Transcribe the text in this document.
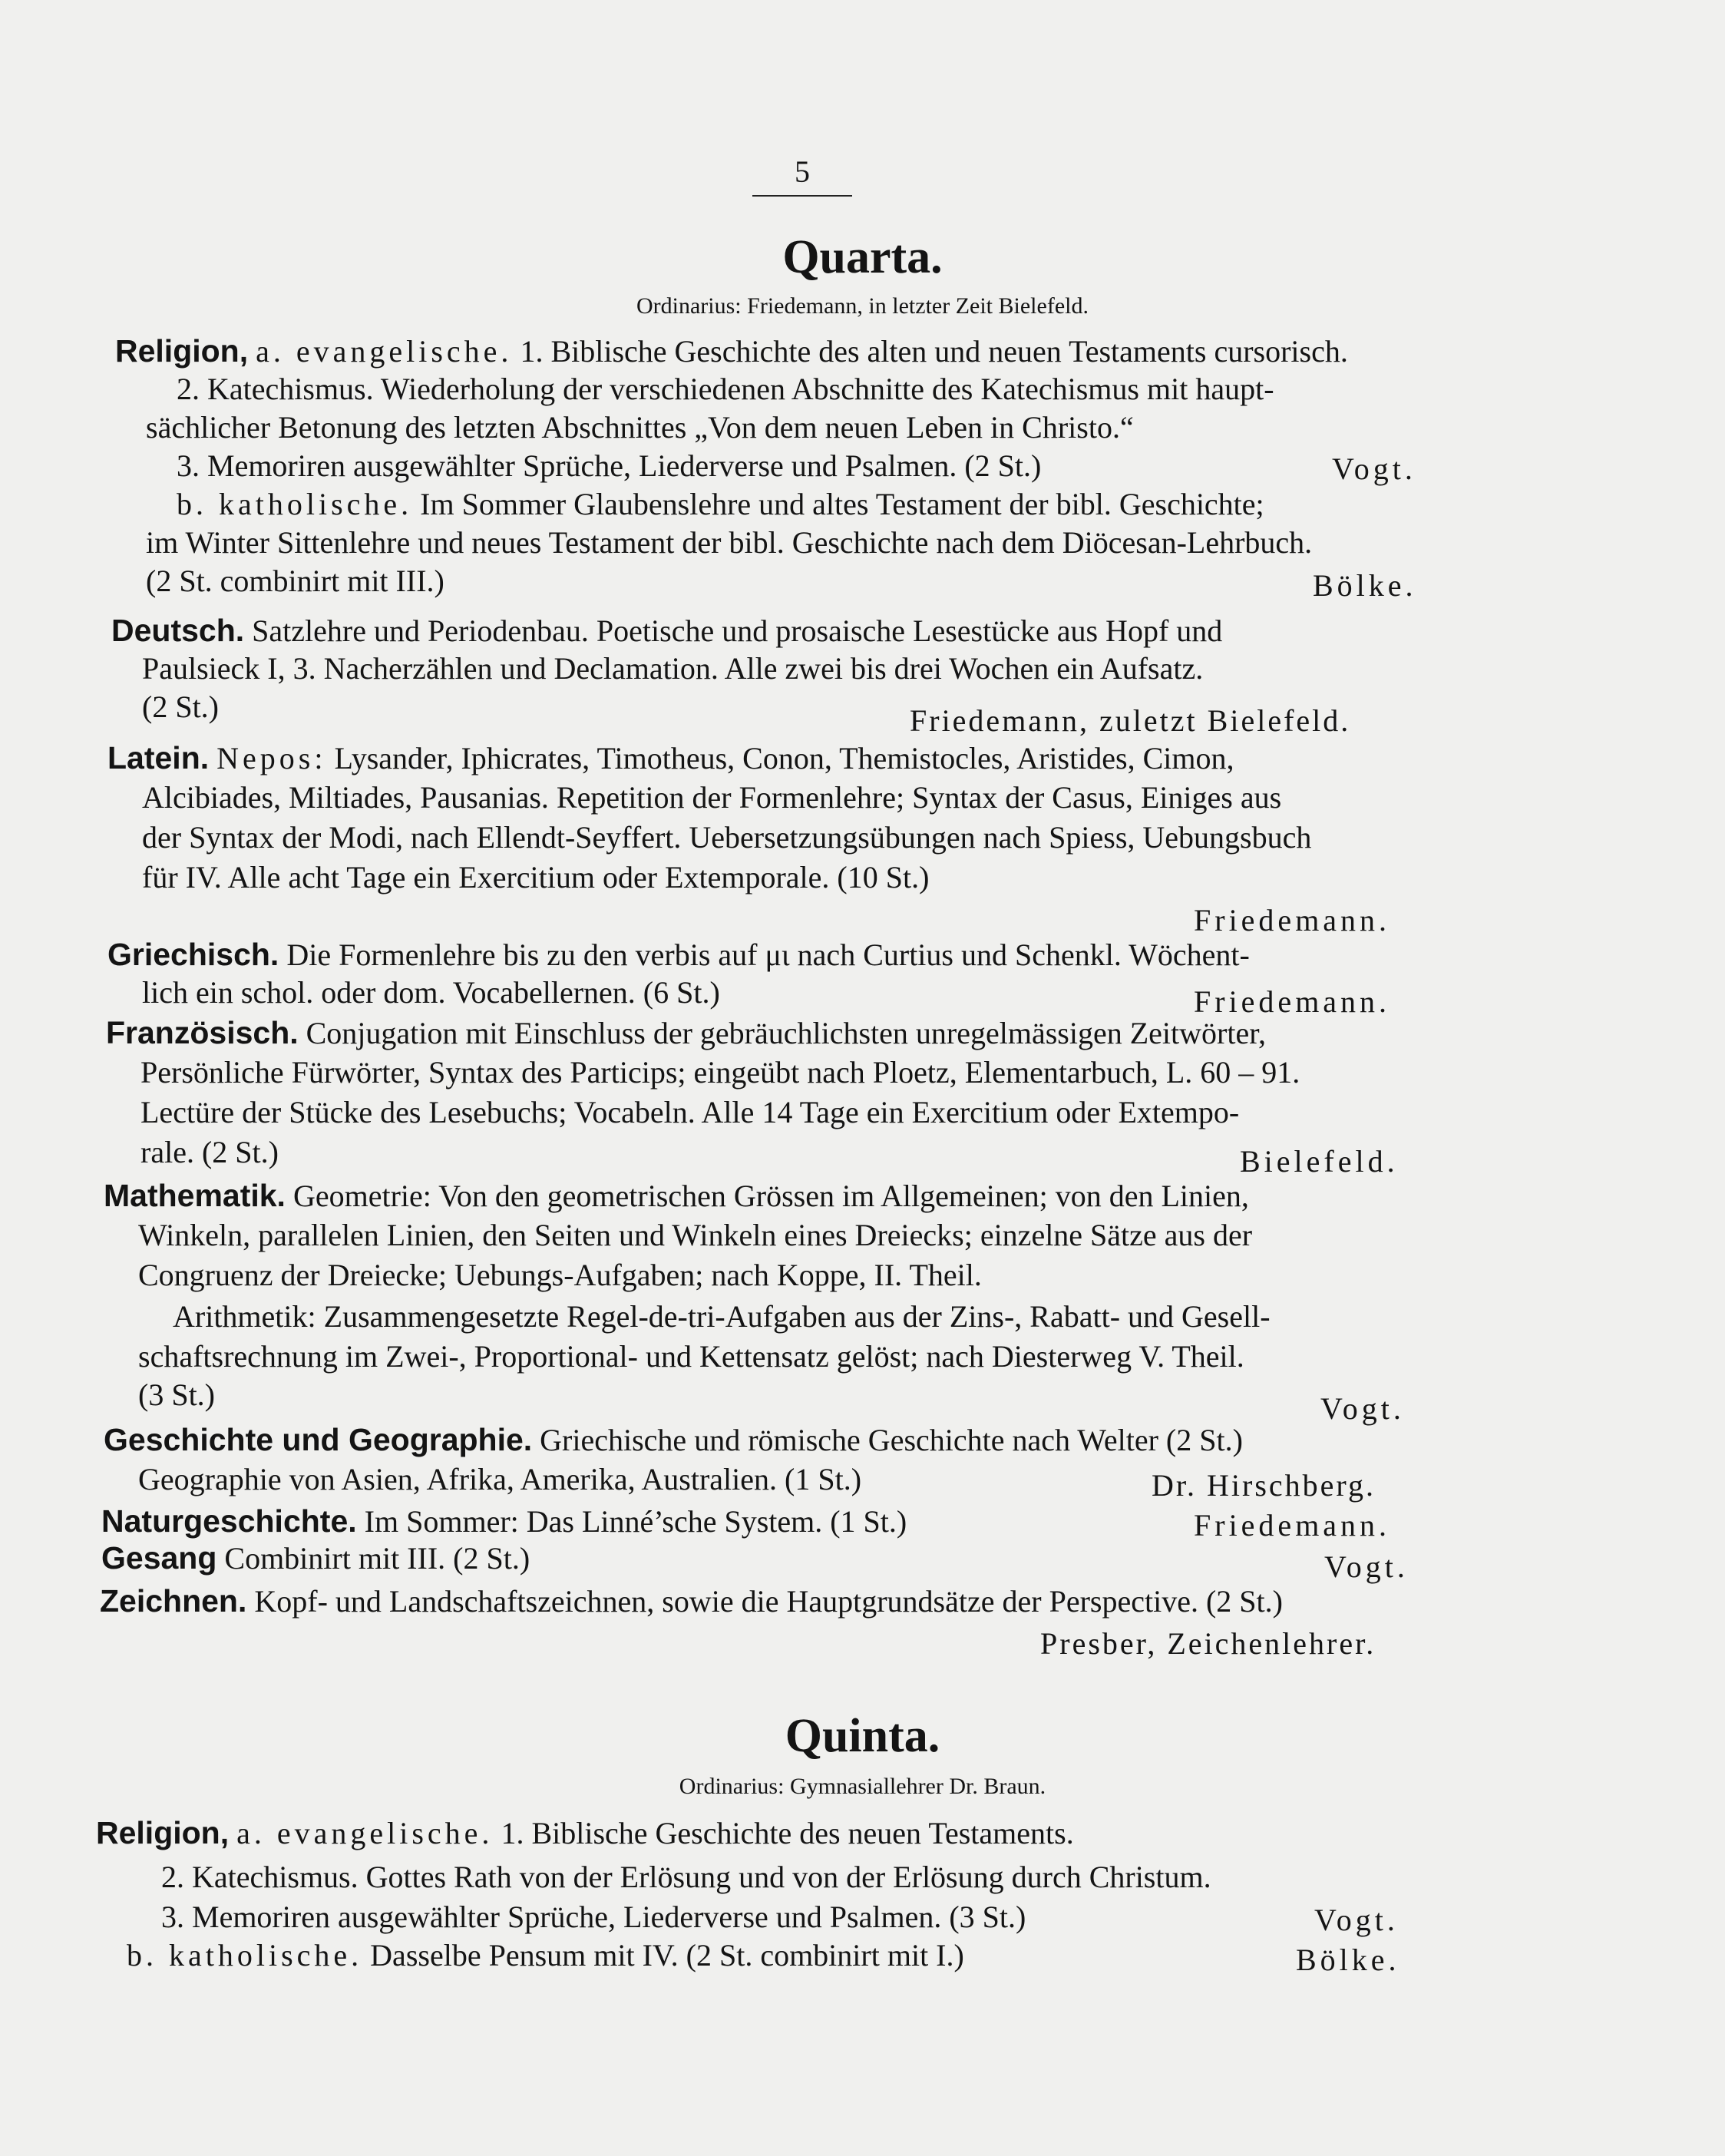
5
Quarta.
Ordinarius: Friedemann, in letzter Zeit Bielefeld.
Religion, a. evangelische. 1. Biblische Geschichte des alten und neuen Testaments cursorisch.
2. Katechismus. Wiederholung der verschiedenen Abschnitte des Katechismus mit haupt-
sächlicher Betonung des letzten Abschnittes „Von dem neuen Leben in Christo.“
3. Memoriren ausgewählter Sprüche, Liederverse und Psalmen. (2 St.)	Vogt.
b. katholische. Im Sommer Glaubenslehre und altes Testament der bibl. Geschichte;
im Winter Sittenlehre und neues Testament der bibl. Geschichte nach dem Diöcesan-Lehrbuch.
(2 St. combinirt mit III.)	Bölke.
Deutsch. Satzlehre und Periodenbau. Poetische und prosaische Lesestücke aus Hopf und
Paulsieck I, 3. Nacherzählen und Declamation. Alle zwei bis drei Wochen ein Aufsatz.
(2 St.)	Friedemann, zuletzt Bielefeld.
Latein. Nepos: Lysander, Iphicrates, Timotheus, Conon, Themistocles, Aristides, Cimon,
Alcibiades, Miltiades, Pausanias. Repetition der Formenlehre; Syntax der Casus, Einiges aus
der Syntax der Modi, nach Ellendt-Seyffert. Uebersetzungsübungen nach Spiess, Uebungsbuch
für IV. Alle acht Tage ein Exercitium oder Extemporale. (10 St.)
Friedemann.
Griechisch. Die Formenlehre bis zu den verbis auf μι nach Curtius und Schenkl. Wöchent-
lich ein schol. oder dom. Vocabellernen. (6 St.)	Friedemann.
Französisch. Conjugation mit Einschluss der gebräuchlichsten unregelmässigen Zeitwörter,
Persönliche Fürwörter, Syntax des Particips; eingeübt nach Ploetz, Elementarbuch, L. 60 – 91.
Lectüre der Stücke des Lesebuchs; Vocabeln. Alle 14 Tage ein Exercitium oder Extempo-
rale. (2 St.)	Bielefeld.
Mathematik. Geometrie: Von den geometrischen Grössen im Allgemeinen; von den Linien,
Winkeln, parallelen Linien, den Seiten und Winkeln eines Dreiecks; einzelne Sätze aus der
Congruenz der Dreiecke; Uebungs-Aufgaben; nach Koppe, II. Theil.
Arithmetik: Zusammengesetzte Regel-de-tri-Aufgaben aus der Zins-, Rabatt- und Gesell-
schaftsrechnung im Zwei-, Proportional- und Kettensatz gelöst; nach Diesterweg V. Theil.
(3 St.)	Vogt.
Geschichte und Geographie. Griechische und römische Geschichte nach Welter (2 St.)
Geographie von Asien, Afrika, Amerika, Australien. (1 St.)	Dr. Hirschberg.
Naturgeschichte. Im Sommer: Das Linné’sche System. (1 St.)	Friedemann.
Gesang Combinirt mit III. (2 St.)	Vogt.
Zeichnen. Kopf- und Landschaftszeichnen, sowie die Hauptgrundsätze der Perspective. (2 St.)
Presber, Zeichenlehrer.
Quinta.
Ordinarius: Gymnasiallehrer Dr. Braun.
Religion, a. evangelische. 1. Biblische Geschichte des neuen Testaments.
2. Katechismus. Gottes Rath von der Erlösung und von der Erlösung durch Christum.
3. Memoriren ausgewählter Sprüche, Liederverse und Psalmen. (3 St.)	Vogt.
b. katholische. Dasselbe Pensum mit IV. (2 St. combinirt mit I.)	Bölke.
